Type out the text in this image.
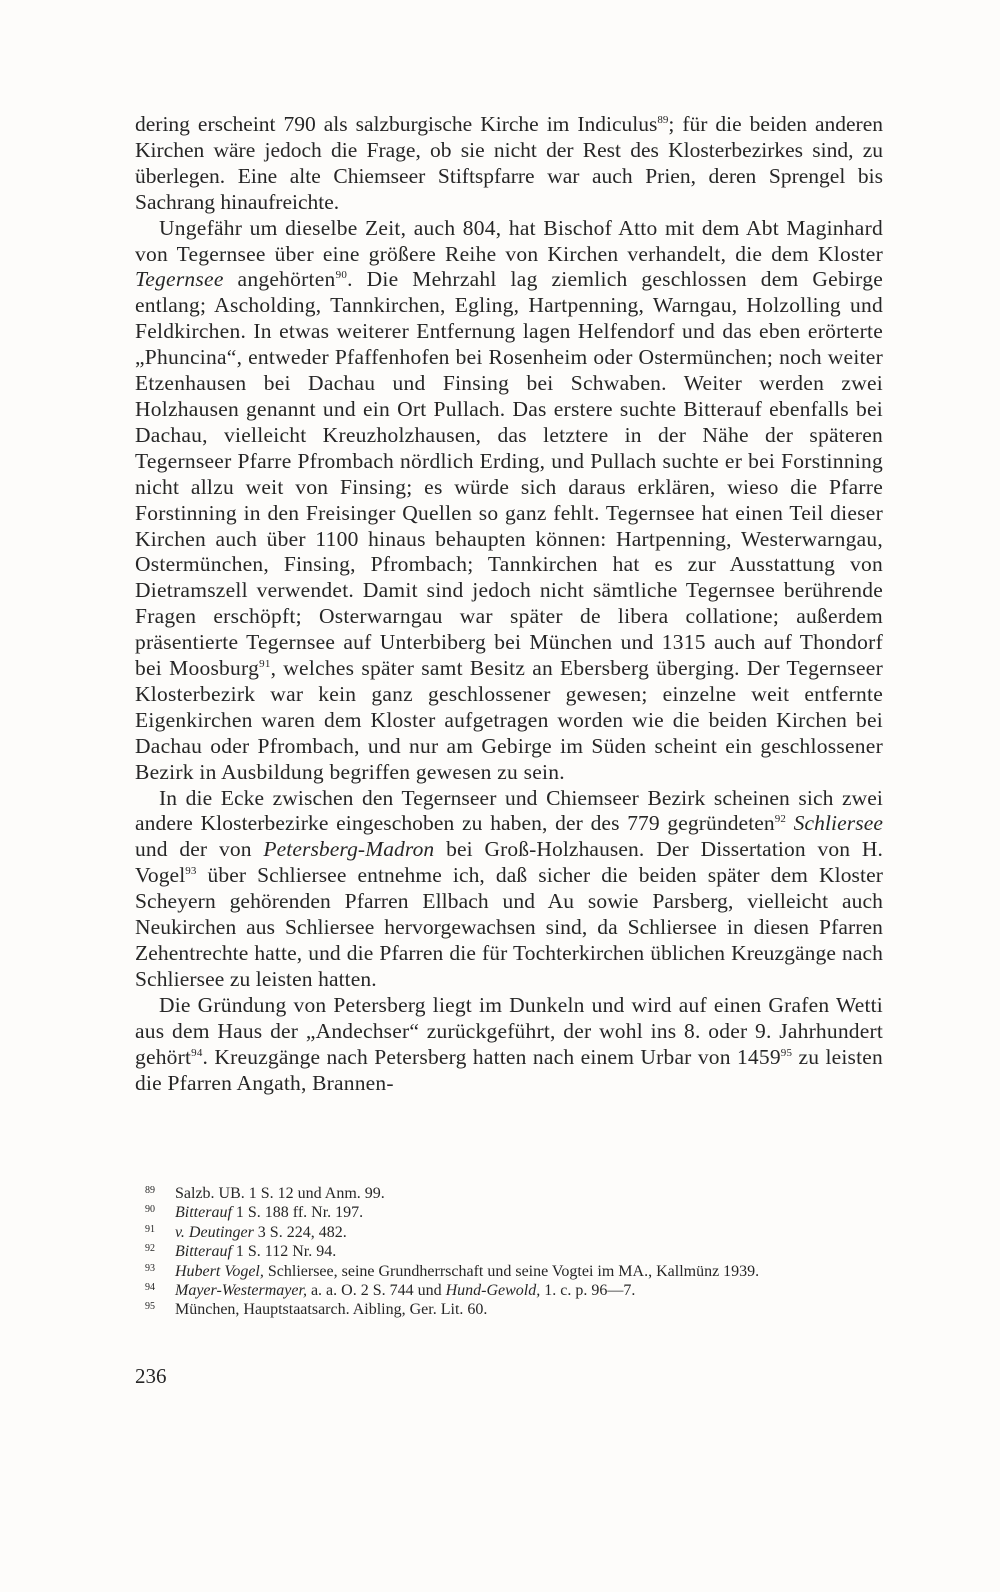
dering erscheint 790 als salzburgische Kirche im Indiculus$^{89}$; für die beiden anderen Kirchen wäre jedoch die Frage, ob sie nicht der Rest des Klosterbezirkes sind, zu überlegen. Eine alte Chiemseer Stiftspfarre war auch Prien, deren Sprengel bis Sachrang hinaufreichte.

Ungefähr um dieselbe Zeit, auch 804, hat Bischof Atto mit dem Abt Maginhard von Tegernsee über eine größere Reihe von Kirchen verhandelt, die dem Kloster Tegernsee angehörten$^{90}$. Die Mehrzahl lag ziemlich geschlossen dem Gebirge entlang; Ascholding, Tannkirchen, Egling, Hartpenning, Warngau, Holzolling und Feldkirchen. In etwas weiterer Entfernung lagen Helfendorf und das eben erörterte „Phuncina“, entweder Pfaffenhofen bei Rosenheim oder Ostermünchen; noch weiter Etzenhausen bei Dachau und Finsing bei Schwaben. Weiter werden zwei Holzhausen genannt und ein Ort Pullach. Das erstere suchte Bitterauf ebenfalls bei Dachau, vielleicht Kreuzholzhausen, das letztere in der Nähe der späteren Tegernseer Pfarre Pfrombach nördlich Erding, und Pullach suchte er bei Forstinning nicht allzu weit von Finsing; es würde sich daraus erklären, wieso die Pfarre Forstinning in den Freisinger Quellen so ganz fehlt. Tegernsee hat einen Teil dieser Kirchen auch über 1100 hinaus behaupten können: Hartpenning, Westerwarngau, Ostermünchen, Finsing, Pfrombach; Tannkirchen hat es zur Ausstattung von Dietramszell verwendet. Damit sind jedoch nicht sämtliche Tegernsee berührende Fragen erschöpft; Osterwarngau war später de libera collatione; außerdem präsentierte Tegernsee auf Unterbiberg bei München und 1315 auch auf Thondorf bei Moosburg$^{91}$, welches später samt Besitz an Ebersberg überging. Der Tegernseer Klosterbezirk war kein ganz geschlossener gewesen; einzelne weit entfernte Eigenkirchen waren dem Kloster aufgetragen worden wie die beiden Kirchen bei Dachau oder Pfrombach, und nur am Gebirge im Süden scheint ein geschlossener Bezirk in Ausbildung begriffen gewesen zu sein.

In die Ecke zwischen den Tegernseer und Chiemseer Bezirk scheinen sich zwei andere Klosterbezirke eingeschoben zu haben, der des 779 gegründeten$^{92}$ Schliersee und der von Petersberg-Madron bei Groß-Holzhausen. Der Dissertation von H. Vogel$^{93}$ über Schliersee entnehme ich, daß sicher die beiden später dem Kloster Scheyern gehörenden Pfarren Ellbach und Au sowie Parsberg, vielleicht auch Neukirchen aus Schliersee hervorgewachsen sind, da Schliersee in diesen Pfarren Zehentrechte hatte, und die Pfarren die für Tochterkirchen üblichen Kreuzgänge nach Schliersee zu leisten hatten.

Die Gründung von Petersberg liegt im Dunkeln und wird auf einen Grafen Wetti aus dem Haus der „Andechser“ zurückgeführt, der wohl ins 8. oder 9. Jahrhundert gehört$^{94}$. Kreuzgänge nach Petersberg hatten nach einem Urbar von 1459$^{95}$ zu leisten die Pfarren Angath, Brannen-

89 Salzb. UB. 1 S. 12 und Anm. 99.
90 Bitterauf 1 S. 188 ff. Nr. 197.
91 v. Deutinger 3 S. 224, 482.
92 Bitterauf 1 S. 112 Nr. 94.
93 Hubert Vogel, Schliersee, seine Grundherrschaft und seine Vogtei im MA., Kallmünz 1939.
94 Mayer-Westermayer, a. a. O. 2 S. 744 und Hund-Gewold, 1. c. p. 96—7.
95 München, Hauptstaatsarch. Aibling, Ger. Lit. 60.
236
